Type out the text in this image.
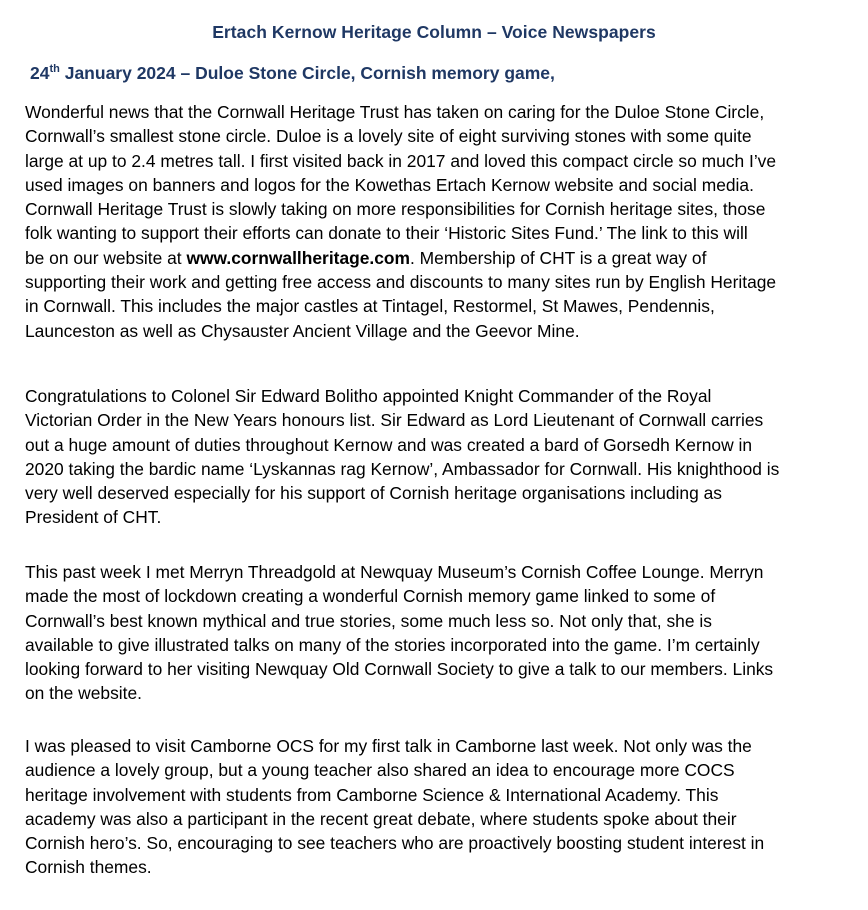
Ertach Kernow Heritage Column – Voice Newspapers
24th January 2024 – Duloe Stone Circle, Cornish memory game,

Wonderful news that the Cornwall Heritage Trust has taken on caring for the Duloe Stone Circle,
Cornwall’s smallest stone circle. Duloe is a lovely site of eight surviving stones with some quite
large at up to 2.4 metres tall. I first visited back in 2017 and loved this compact circle so much I’ve
used images on banners and logos for the Kowethas Ertach Kernow website and social media.
Cornwall Heritage Trust is slowly taking on more responsibilities for Cornish heritage sites, those
folk wanting to support their efforts can donate to their ‘Historic Sites Fund.’ The link to this will
be on our website at www.cornwallheritage.com. Membership of CHT is a great way of
supporting their work and getting free access and discounts to many sites run by English Heritage
in Cornwall. This includes the major castles at Tintagel, Restormel, St Mawes, Pendennis,
Launceston as well as Chysauster Ancient Village and the Geevor Mine.

Congratulations to Colonel Sir Edward Bolitho appointed Knight Commander of the Royal
Victorian Order in the New Years honours list. Sir Edward as Lord Lieutenant of Cornwall carries
out a huge amount of duties throughout Kernow and was created a bard of Gorsedh Kernow in
2020 taking the bardic name ‘Lyskannas rag Kernow’, Ambassador for Cornwall. His knighthood is
very well deserved especially for his support of Cornish heritage organisations including as
President of CHT.

This past week I met Merryn Threadgold at Newquay Museum’s Cornish Coffee Lounge. Merryn
made the most of lockdown creating a wonderful Cornish memory game linked to some of
Cornwall’s best known mythical and true stories, some much less so. Not only that, she is
available to give illustrated talks on many of the stories incorporated into the game. I’m certainly
looking forward to her visiting Newquay Old Cornwall Society to give a talk to our members. Links
on the website.

I was pleased to visit Camborne OCS for my first talk in Camborne last week. Not only was the
audience a lovely group, but a young teacher also shared an idea to encourage more COCS
heritage involvement with students from Camborne Science & International Academy. This
academy was also a participant in the recent great debate, where students spoke about their
Cornish hero’s. So, encouraging to see teachers who are proactively boosting student interest in
Cornish themes.
